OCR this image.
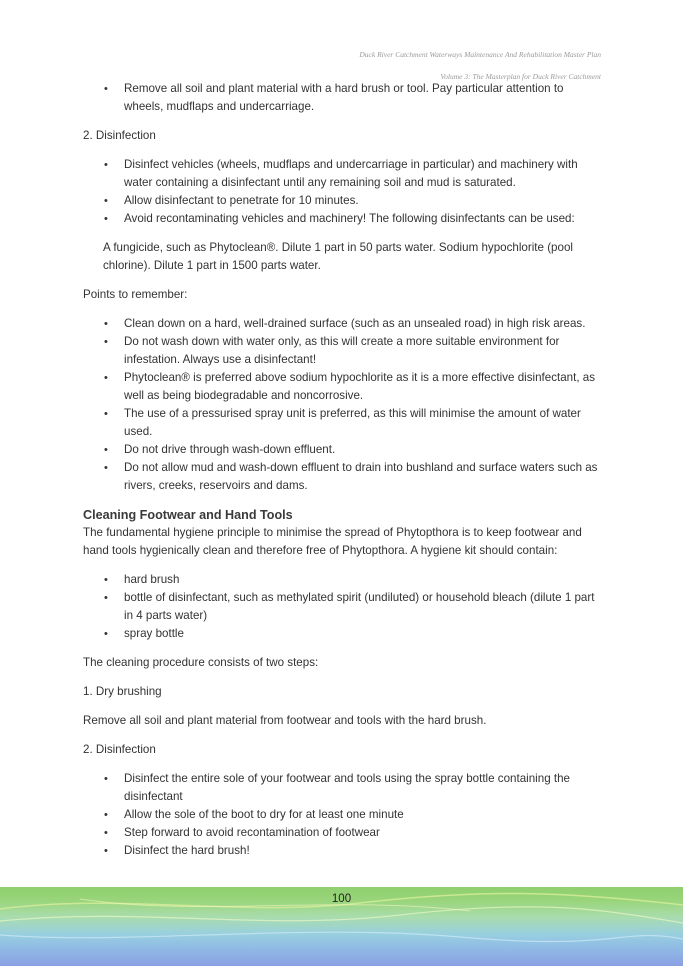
Duck River Catchment Waterways Maintenance And Rehabilitation Master Plan
Volume 3: The Masterplan for Duck River Catchment
• Remove all soil and plant material with a hard brush or tool. Pay particular attention to wheels, mudflaps and undercarriage.

2. Disinfection

• Disinfect vehicles (wheels, mudflaps and undercarriage in particular) and machinery with water containing a disinfectant until any remaining soil and mud is saturated.
• Allow disinfectant to penetrate for 10 minutes.
• Avoid recontaminating vehicles and machinery! The following disinfectants can be used:

A fungicide, such as Phytoclean®. Dilute 1 part in 50 parts water. Sodium hypochlorite (pool chlorine). Dilute 1 part in 1500 parts water.

Points to remember:

• Clean down on a hard, well-drained surface (such as an unsealed road) in high risk areas.
• Do not wash down with water only, as this will create a more suitable environment for infestation. Always use a disinfectant!
• Phytoclean® is preferred above sodium hypochlorite as it is a more effective disinfectant, as well as being biodegradable and noncorrosive.
• The use of a pressurised spray unit is preferred, as this will minimise the amount of water used.
• Do not drive through wash-down effluent.
• Do not allow mud and wash-down effluent to drain into bushland and surface waters such as rivers, creeks, reservoirs and dams.
Cleaning Footwear and Hand Tools

The fundamental hygiene principle to minimise the spread of Phytopthora is to keep footwear and hand tools hygienically clean and therefore free of Phytopthora. A hygiene kit should contain:

• hard brush
• bottle of disinfectant, such as methylated spirit (undiluted) or household bleach (dilute 1 part in 4 parts water)
• spray bottle

The cleaning procedure consists of two steps:

1. Dry brushing

Remove all soil and plant material from footwear and tools with the hard brush.

2. Disinfection

• Disinfect the entire sole of your footwear and tools using the spray bottle containing the disinfectant
• Allow the sole of the boot to dry for at least one minute
• Step forward to avoid recontamination of footwear
• Disinfect the hard brush!
100
